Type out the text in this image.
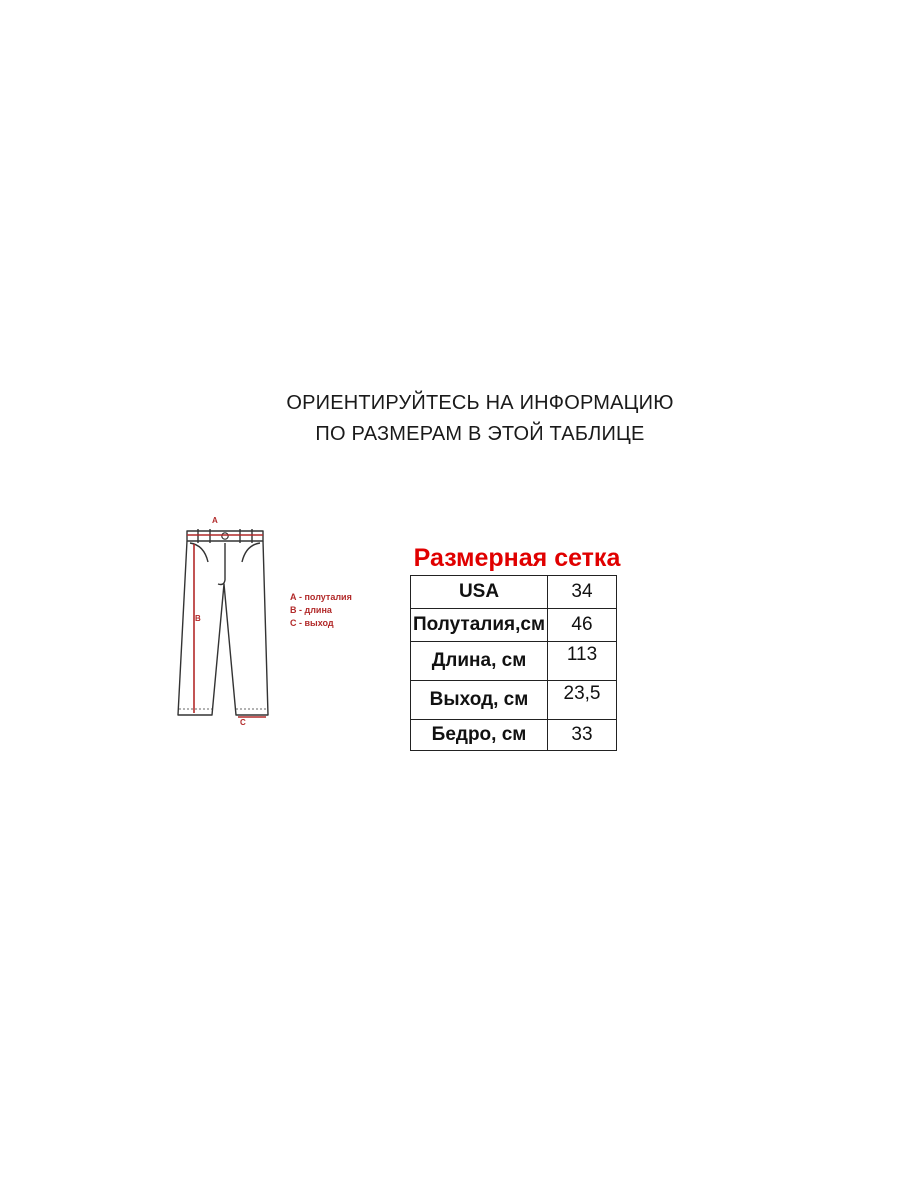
ОРИЕНТИРУЙТЕСЬ НА ИНФОРМАЦИЮ
ПО РАЗМЕРАМ В ЭТОЙ ТАБЛИЦЕ
A
B
C
А - полуталия
В - длина
С - выход
Размерная сетка
USA	34
Полуталия,см	46
Длина, см	113
Выход, см	23,5
Бедро, см	33
